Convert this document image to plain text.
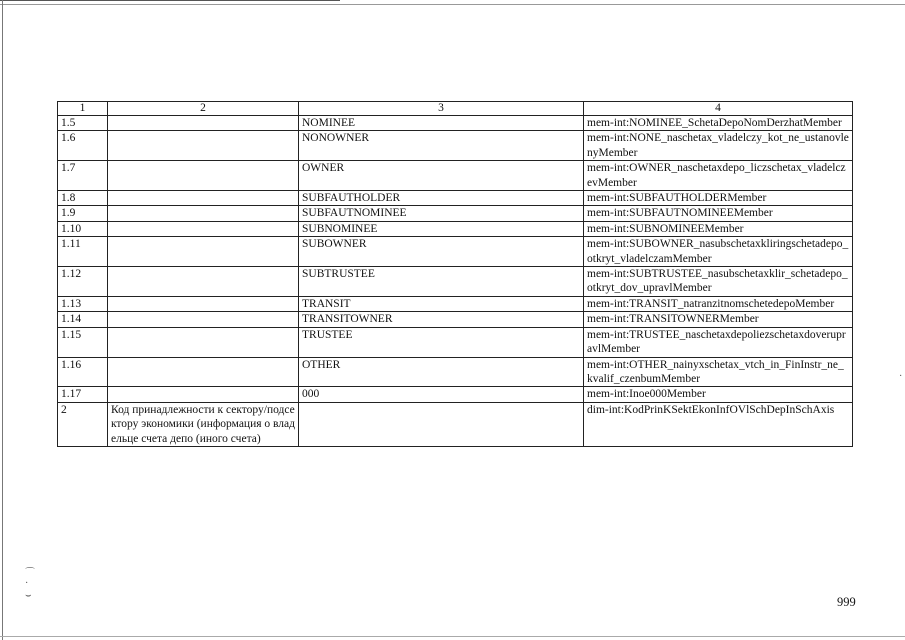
1	2	3	4
1.5		NOMINEE	mem-int:NOMINEE_SchetaDepoNomDerzhatMember
1.6		NONOWNER	mem-int:NONE_naschetax_vladelczy_kot_ne_ustanovlenyMember
1.7		OWNER	mem-int:OWNER_naschetaxdepo_liczschetax_vladelczevMember
1.8		SUBFAUTHOLDER	mem-int:SUBFAUTHOLDERMember
1.9		SUBFAUTNOMINEE	mem-int:SUBFAUTNOMINEEMember
1.10		SUBNOMINEE	mem-int:SUBNOMINEEMember
1.11		SUBOWNER	mem-int:SUBOWNER_nasubschetaxkliringschetadepo_otkryt_vladelczamMember
1.12		SUBTRUSTEE	mem-int:SUBTRUSTEE_nasubschetaxklir_schetadepo_otkryt_dov_upravlMember
1.13		TRANSIT	mem-int:TRANSIT_natranzitnomschetedepoMember
1.14		TRANSITOWNER	mem-int:TRANSITOWNERMember
1.15		TRUSTEE	mem-int:TRUSTEE_naschetaxdepoliezschetaxdoverupravlMember
1.16		OTHER	mem-int:OTHER_nainyxschetax_vtch_in_FinInstr_ne_kvalif_czenbumMember
1.17		000	mem-int:Inoe000Member
2	Код принадлежности к сектору/подсектору экономики (информация о владельце счета депо (иного счета)		dim-int:KodPrinKSektEkonInfOVlSchDepInSchAxis
⌒
·
⌣
·
999
